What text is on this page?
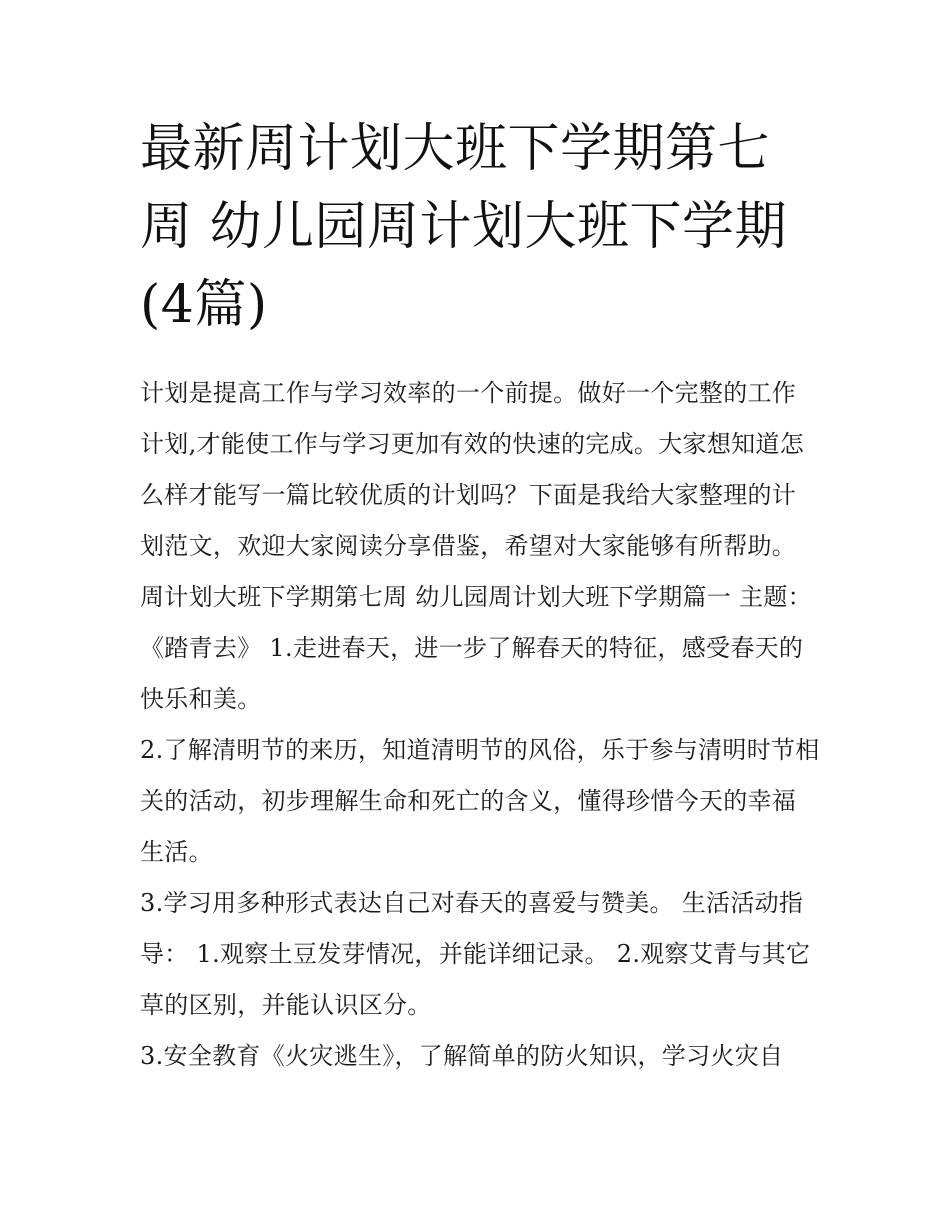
最新周计划大班下学期第七周 幼儿园周计划大班下学期(4篇)

计划是提高工作与学习效率的一个前提。做好一个完整的工作计划,才能使工作与学习更加有效的快速的完成。大家想知道怎么样才能写一篇比较优质的计划吗？下面是我给大家整理的计划范文，欢迎大家阅读分享借鉴，希望对大家能够有所帮助。

周计划大班下学期第七周 幼儿园周计划大班下学期篇一 主题：《踏青去》 1.走进春天，进一步了解春天的特征，感受春天的快乐和美。

2.了解清明节的来历，知道清明节的风俗，乐于参与清明时节相关的活动，初步理解生命和死亡的含义，懂得珍惜今天的幸福生活。

3.学习用多种形式表达自己对春天的喜爱与赞美。 生活活动指导： 1.观察土豆发芽情况，并能详细记录。 2.观察艾青与其它草的区别，并能认识区分。

3.安全教育《火灾逃生》，了解简单的防火知识，学习火灾自
